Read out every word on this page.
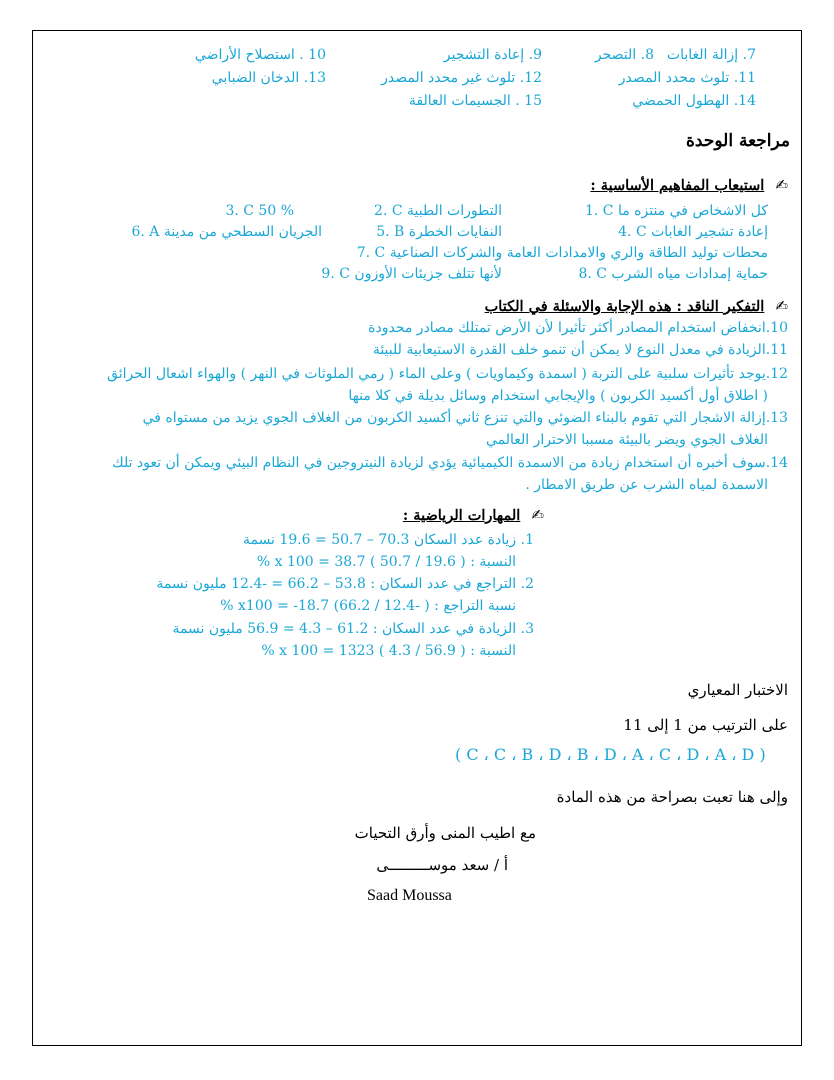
7. إزالة الغابات
8. التصحر
9. إعادة التشجير
10 . استصلاح الأراضي
11. تلوث محدد المصدر
12. تلوث غير محدد المصدر
13. الدخان الضبابي
14. الهطول الحمضي
15 . الجسيمات العالقة
مراجعة الوحدة
✍ استيعاب المفاهيم الأساسية :
1. C كل الاشخاص في منتزه ما
2. C التطورات الطبية
3. C 50 %
4. C إعادة تشجير الغابات
5. B النفايات الخطرة
6. A الجريان السطحي من مدينة
7. C محطات توليد الطاقة والري والامدادات العامة والشركات الصناعية
8. C حماية إمدادات مياه الشرب
9. C لأنها تتلف جزيئات الأوزون
✍ التفكير الناقد : هذه الإجابة والاسئلة في الكتاب
10.انخفاض استخدام المصادر أكثر تأثيرا لأن الأرض تمتلك مصادر محدودة
11.الزيادة في معدل النوع لا يمكن أن تنمو خلف القدرة الاستيعابية للبيئة
12.يوجد تأثيرات سلبية على التربة ( اسمدة وكيماويات ) وعلى الماء ( رمي الملوثات في النهر ) والهواء اشعال الحرائق
( اطلاق أول أكسيد الكربون ) والإيجابي استخدام وسائل بديلة في كلا منها
13.إزالة الاشجار التي تقوم بالبناء الضوئي والتي تنزع ثاني أكسيد الكربون من الغلاف الجوي يزيد من مستواه في
الغلاف الجوي ويضر بالبيئة مسببا الاحترار العالمي
14.سوف أخبره أن استخدام زيادة من الاسمدة الكيميائية يؤدي لزيادة النيتروجين في النظام البيئي ويمكن أن تعود تلك
الاسمدة لمياه الشرب عن طريق الامطار .
✍ المهارات الرياضية :
1. زيادة عدد السكان 70.3 – 50.7 = 19.6 نسمة
النسبة : ( 19.6 / 50.7 ) x 100 = 38.7 %
2. التراجع في عدد السكان : 53.8 – 66.2 = -12.4 مليون نسمة
نسبة التراجع : ( -12.4 / 66.2) x100 = -18.7 %
3. الزيادة في عدد السكان : 61.2 – 4.3 = 56.9 مليون نسمة
النسبة : ( 56.9 / 4.3 ) x 100 = 1323 %
الاختبار المعياري
على الترتيب من 1 إلى 11
( C ، C ، B ، D ، B ، D ، A ، C ، D ، A ، D )
وإلى هنا تعبت بصراحة من هذه المادة
مع اطيب المنى وأرق التحيات
أ / سعد موســـــــــى
Saad Moussa
